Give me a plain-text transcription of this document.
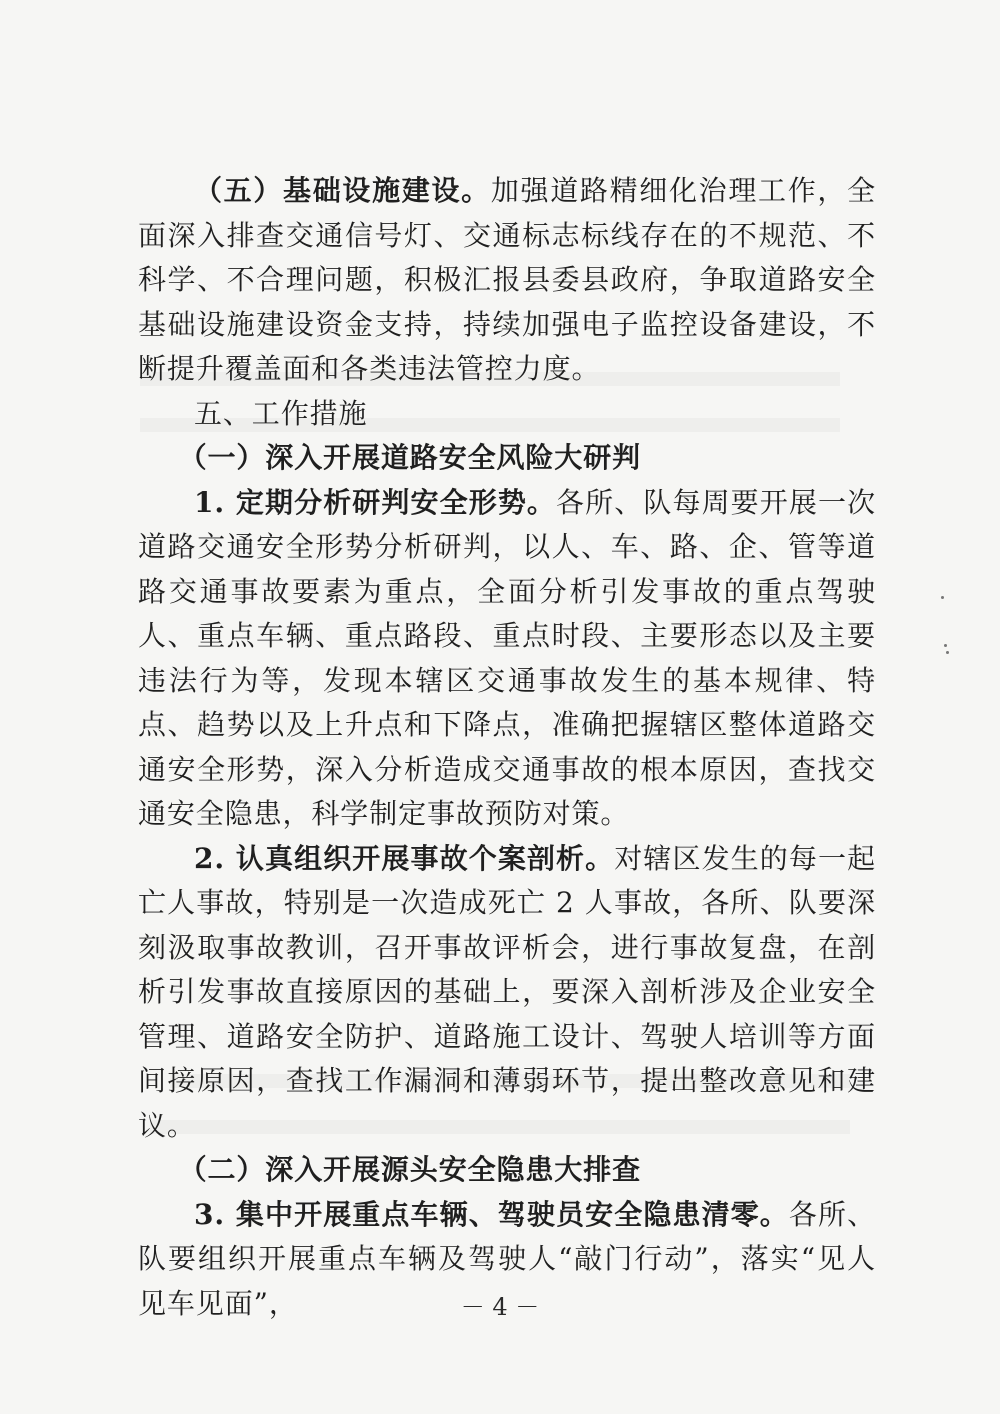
（五）基础设施建设。加强道路精细化治理工作，全面深入排查交通信号灯、交通标志标线存在的不规范、不科学、不合理问题，积极汇报县委县政府，争取道路安全基础设施建设资金支持，持续加强电子监控设备建设，不断提升覆盖面和各类违法管控力度。

五、工作措施

（一）深入开展道路安全风险大研判

1. 定期分析研判安全形势。各所、队每周要开展一次道路交通安全形势分析研判，以人、车、路、企、管等道路交通事故要素为重点，全面分析引发事故的重点驾驶人、重点车辆、重点路段、重点时段、主要形态以及主要违法行为等，发现本辖区交通事故发生的基本规律、特点、趋势以及上升点和下降点，准确把握辖区整体道路交通安全形势，深入分析造成交通事故的根本原因，查找交通安全隐患，科学制定事故预防对策。

2. 认真组织开展事故个案剖析。对辖区发生的每一起亡人事故，特别是一次造成死亡 2 人事故，各所、队要深刻汲取事故教训，召开事故评析会，进行事故复盘，在剖析引发事故直接原因的基础上，要深入剖析涉及企业安全管理、道路安全防护、道路施工设计、驾驶人培训等方面间接原因，查找工作漏洞和薄弱环节，提出整改意见和建议。

（二）深入开展源头安全隐患大排查

3. 集中开展重点车辆、驾驶员安全隐患清零。各所、队要组织开展重点车辆及驾驶人“敲门行动”，落实“见人见车见面”，	－ 4 －
